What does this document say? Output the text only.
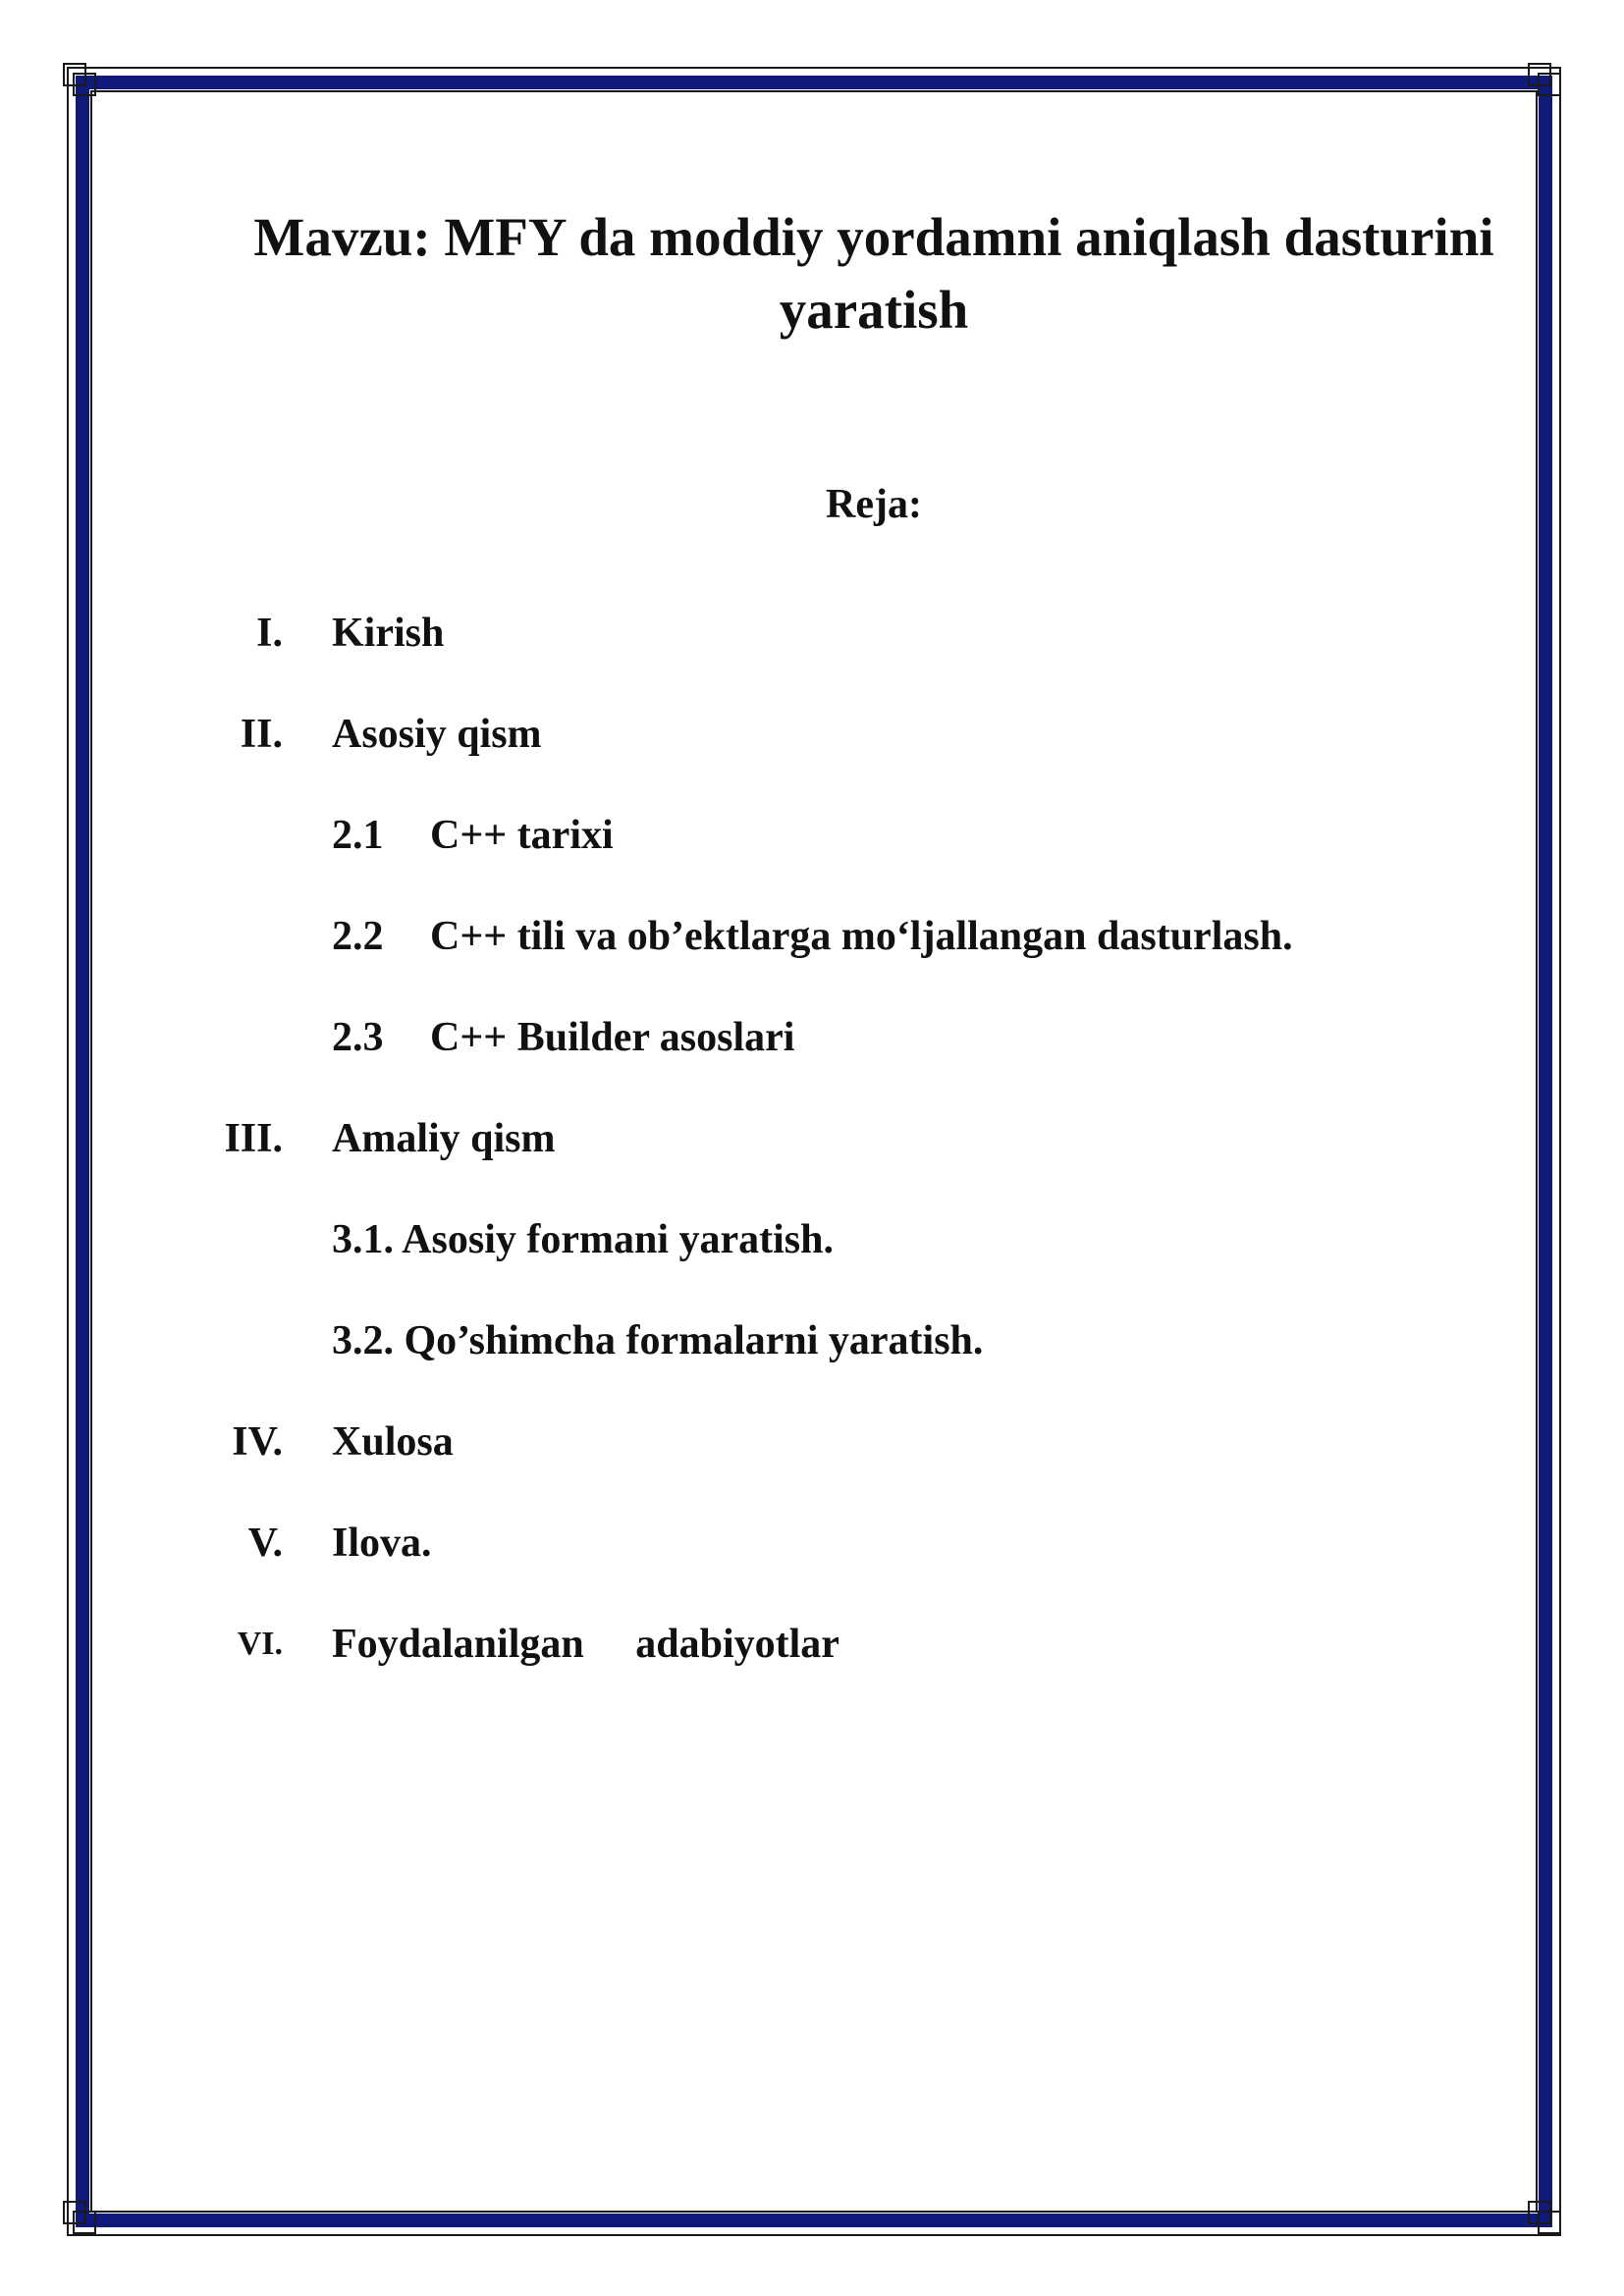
Mavzu: MFY da moddiy yordamni aniqlash dasturini yaratish
Reja:
I. Kirish
II. Asosiy qism
2.1 C++ tarixi
2.2 C++ tili va ob’ektlarga mo‘ljallangan dasturlash.
2.3 C++ Builder asoslari
III. Amaliy qism
3.1. Asosiy formani yaratish.
3.2. Qo’shimcha formalarni yaratish.
IV. Xulosa
V. Ilova.
VI. Foydalanilgan     adabiyotlar
